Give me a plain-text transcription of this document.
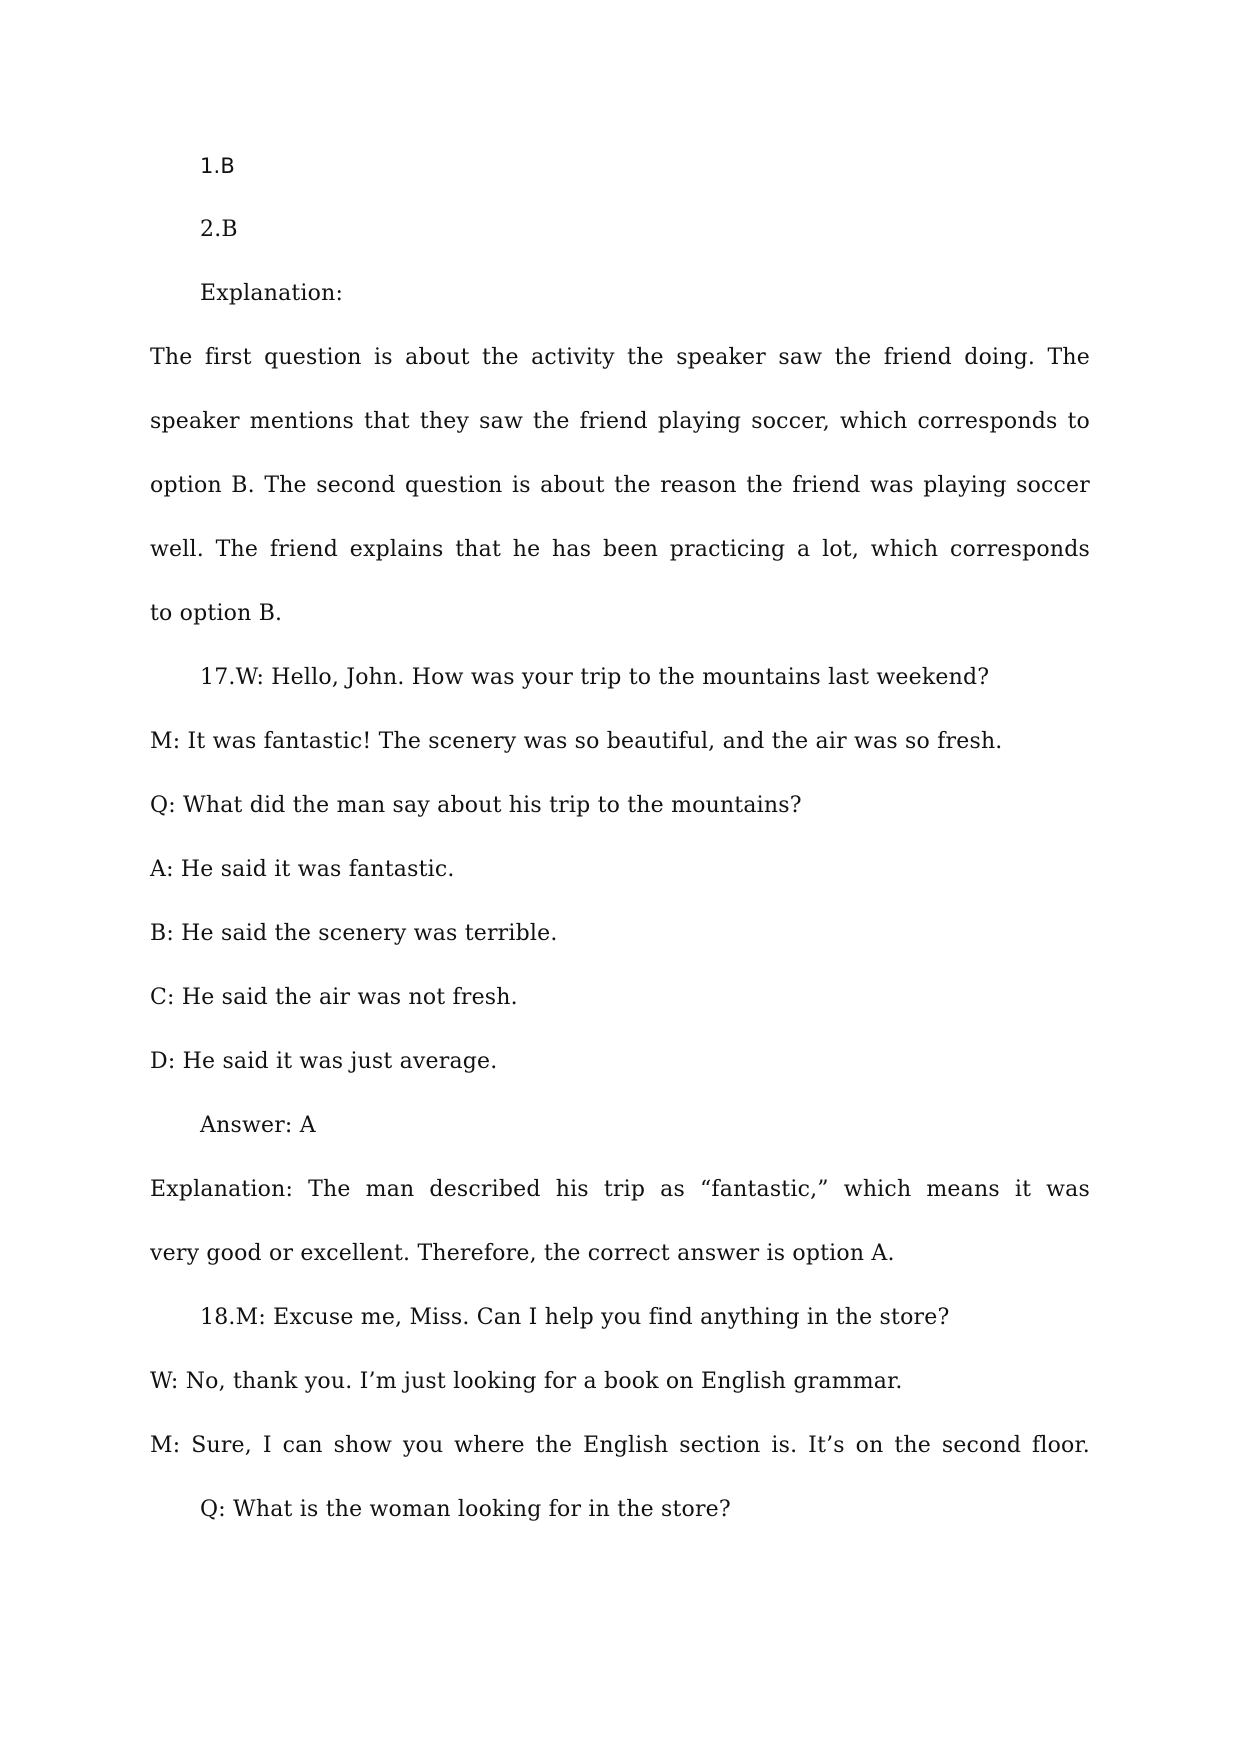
1.B
2.B
Explanation:
The first question is about the activity the speaker saw the friend doing. The
speaker mentions that they saw the friend playing soccer, which corresponds to
option B. The second question is about the reason the friend was playing soccer
well. The friend explains that he has been practicing a lot, which corresponds
to option B.
17.W: Hello, John. How was your trip to the mountains last weekend?
M: It was fantastic! The scenery was so beautiful, and the air was so fresh.
Q: What did the man say about his trip to the mountains?
A: He said it was fantastic.
B: He said the scenery was terrible.
C: He said the air was not fresh.
D: He said it was just average.
Answer: A
Explanation: The man described his trip as “fantastic,” which means it was
very good or excellent. Therefore, the correct answer is option A.
18.M: Excuse me, Miss. Can I help you find anything in the store?
W: No, thank you. I’m just looking for a book on English grammar.
M: Sure, I can show you where the English section is. It’s on the second floor.
Q: What is the woman looking for in the store?
